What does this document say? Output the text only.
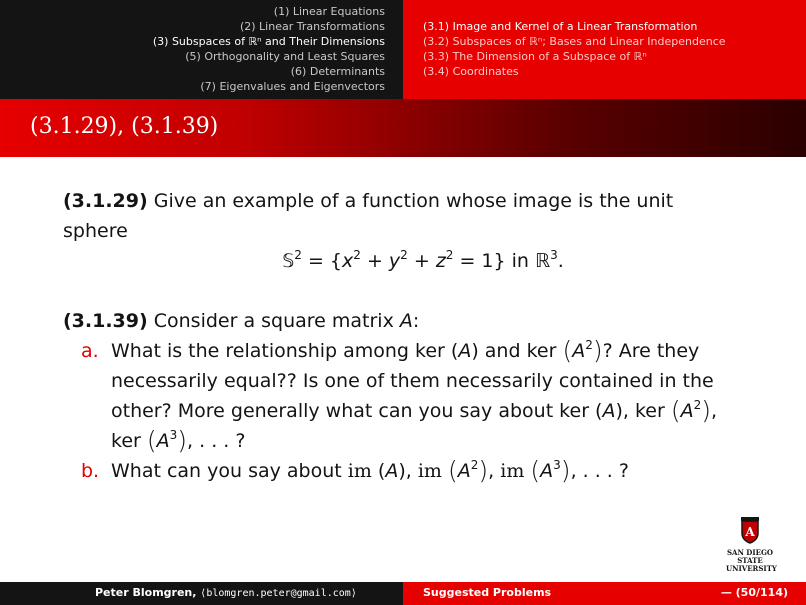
(1) Linear Equations
(2) Linear Transformations
(3) Subspaces of ℝⁿ and Their Dimensions
(5) Orthogonality and Least Squares
(6) Determinants
(7) Eigenvalues and Eigenvectors
(3.1) Image and Kernel of a Linear Transformation
(3.2) Subspaces of ℝⁿ; Bases and Linear Independence
(3.3) The Dimension of a Subspace of ℝⁿ
(3.4) Coordinates
(3.1.29), (3.1.39)
(3.1.29) Give an example of a function whose image is the unit sphere
𝕊$^2$ = $\{x^2 + y^2 + z^2 = 1\}$ in ℝ$^3$.
(3.1.39) Consider a square matrix A:
a. What is the relationship among ker (A) and ker $(A^2)$? Are they necessarily equal?? Is one of them necessarily contained in the other? More generally what can you say about ker (A), ker $(A^2)$, ker $(A^3)$, . . . ?
b. What can you say about im (A), im $(A^2)$, im $(A^3)$, . . . ?
A
SAN DIEGO STATE
UNIVERSITY
Peter Blomgren, ⟨blomgren.peter@gmail.com⟩	Suggested Problems	— (50/114)
